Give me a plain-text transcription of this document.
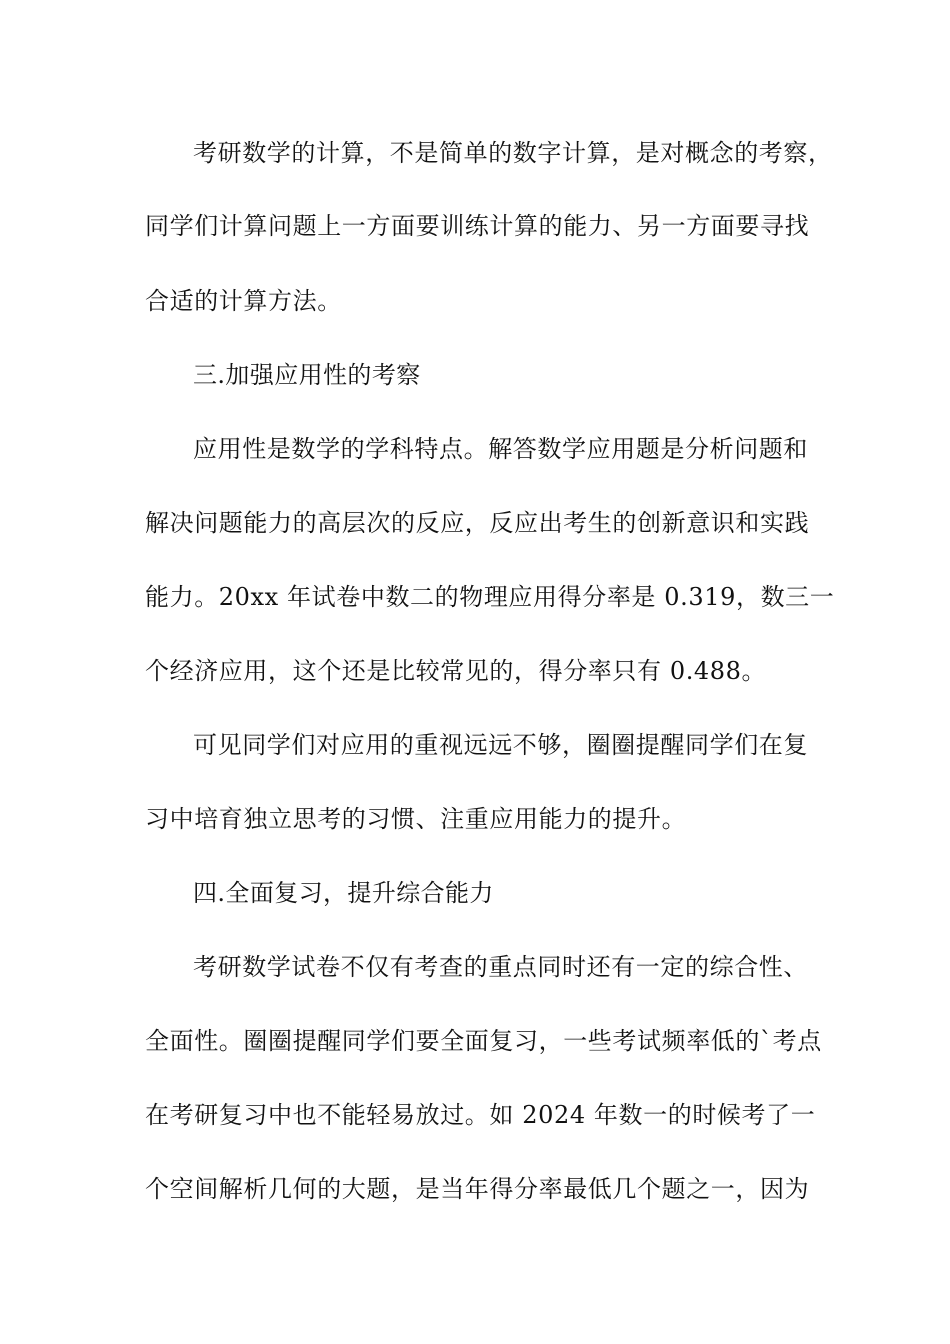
考研数学的计算，不是简单的数字计算，是对概念的考察，
同学们计算问题上一方面要训练计算的能力、另一方面要寻找
合适的计算方法。
三.加强应用性的考察
应用性是数学的学科特点。解答数学应用题是分析问题和
解决问题能力的高层次的反应，反应出考生的创新意识和实践
能力。20xx 年试卷中数二的物理应用得分率是 0.319，数三一
个经济应用，这个还是比较常见的，得分率只有 0.488。
可见同学们对应用的重视远远不够，圈圈提醒同学们在复
习中培育独立思考的习惯、注重应用能力的提升。
四.全面复习，提升综合能力
考研数学试卷不仅有考查的重点同时还有一定的综合性、
全面性。圈圈提醒同学们要全面复习，一些考试频率低的`考点
在考研复习中也不能轻易放过。如 2024 年数一的时候考了一
个空间解析几何的大题，是当年得分率最低几个题之一，因为
